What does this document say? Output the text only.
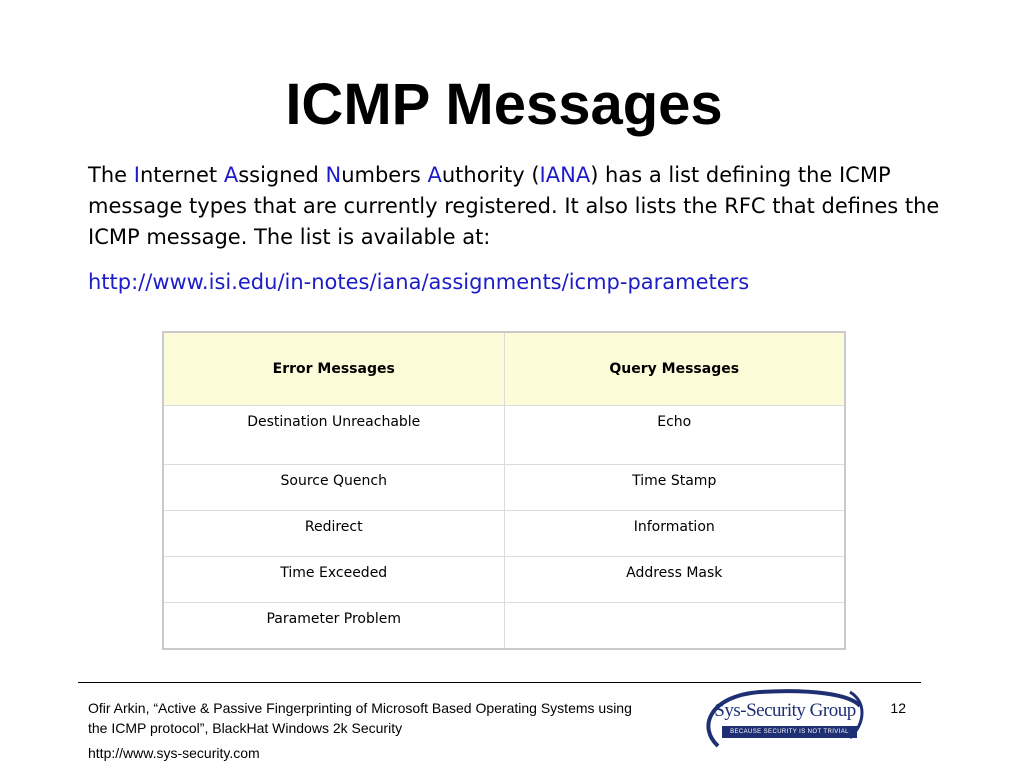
ICMP Messages

The Internet Assigned Numbers Authority (IANA) has a list defining the ICMP message types that are currently registered. It also lists the RFC that defines the ICMP message. The list is available at:

http://www.isi.edu/in-notes/iana/assignments/icmp-parameters
Error Messages	Query Messages
Destination Unreachable	Echo
Source Quench	Time Stamp
Redirect	Information
Time Exceeded	Address Mask
Parameter Problem	

Ofir Arkin, “Active & Passive Fingerprinting of Microsoft Based Operating Systems using the ICMP protocol”, BlackHat Windows 2k Security

http://www.sys-security.com
Sys-Security Group
BECAUSE SECURITY IS NOT TRIVIAL
12
